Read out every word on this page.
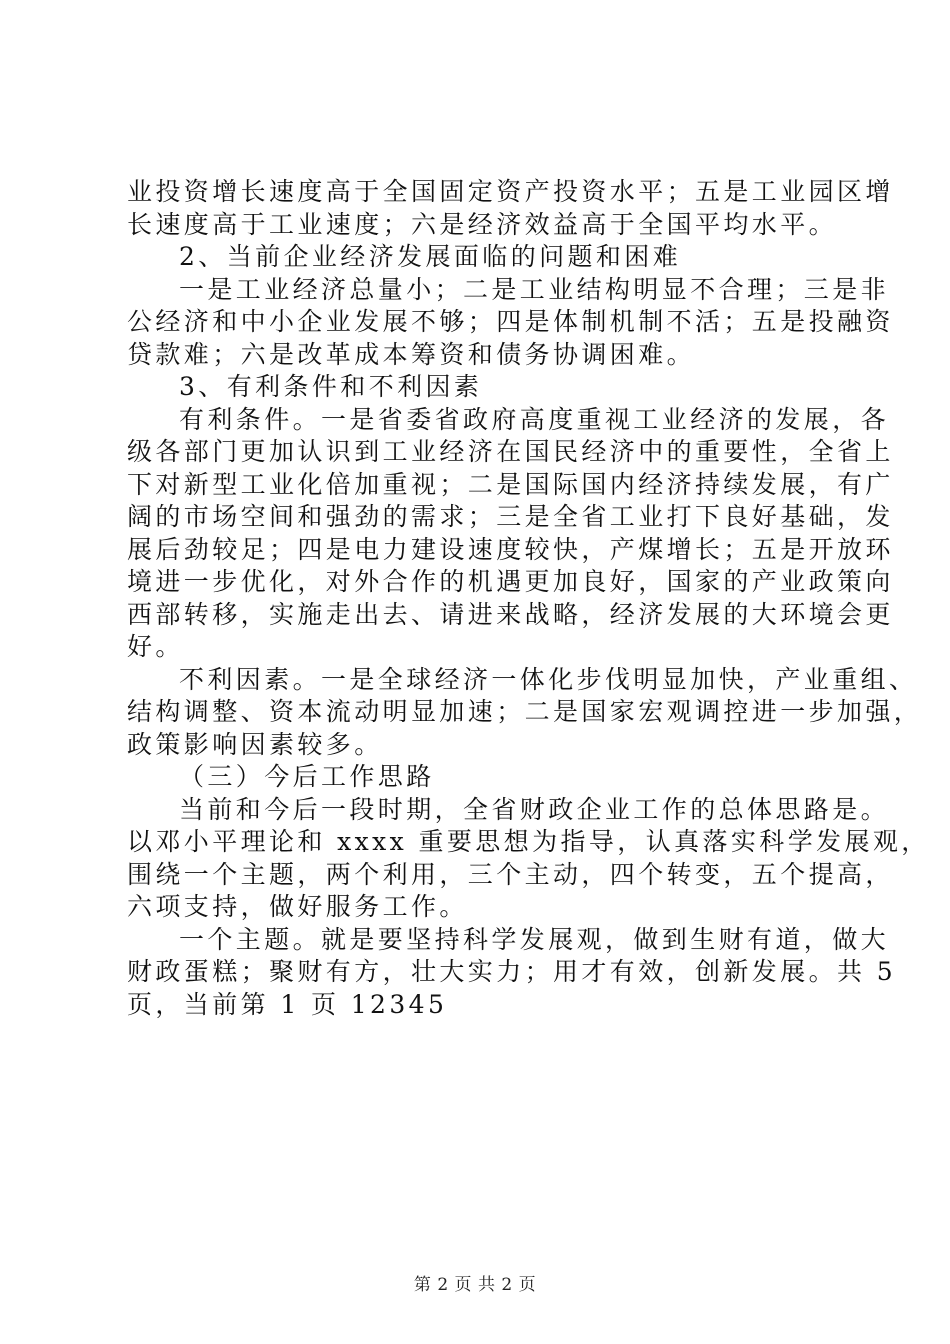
业投资增长速度高于全国固定资产投资水平；五是工业园区增
长速度高于工业速度；六是经济效益高于全国平均水平。
2、当前企业经济发展面临的问题和困难
一是工业经济总量小；二是工业结构明显不合理；三是非
公经济和中小企业发展不够；四是体制机制不活；五是投融资
贷款难；六是改革成本筹资和债务协调困难。
3、有利条件和不利因素
有利条件。一是省委省政府高度重视工业经济的发展，各
级各部门更加认识到工业经济在国民经济中的重要性，全省上
下对新型工业化倍加重视；二是国际国内经济持续发展，有广
阔的市场空间和强劲的需求；三是全省工业打下良好基础，发
展后劲较足；四是电力建设速度较快，产煤增长；五是开放环
境进一步优化，对外合作的机遇更加良好，国家的产业政策向
西部转移，实施走出去、请进来战略，经济发展的大环境会更
好。
不利因素。一是全球经济一体化步伐明显加快，产业重组、
结构调整、资本流动明显加速；二是国家宏观调控进一步加强，
政策影响因素较多。
（三）今后工作思路
当前和今后一段时期，全省财政企业工作的总体思路是。
以邓小平理论和 xxxx 重要思想为指导，认真落实科学发展观，
围绕一个主题，两个利用，三个主动，四个转变，五个提高，
六项支持，做好服务工作。
一个主题。就是要坚持科学发展观，做到生财有道，做大
财政蛋糕；聚财有方，壮大实力；用才有效，创新发展。共 5
页，当前第 1 页 12345
第 2 页 共 2 页
